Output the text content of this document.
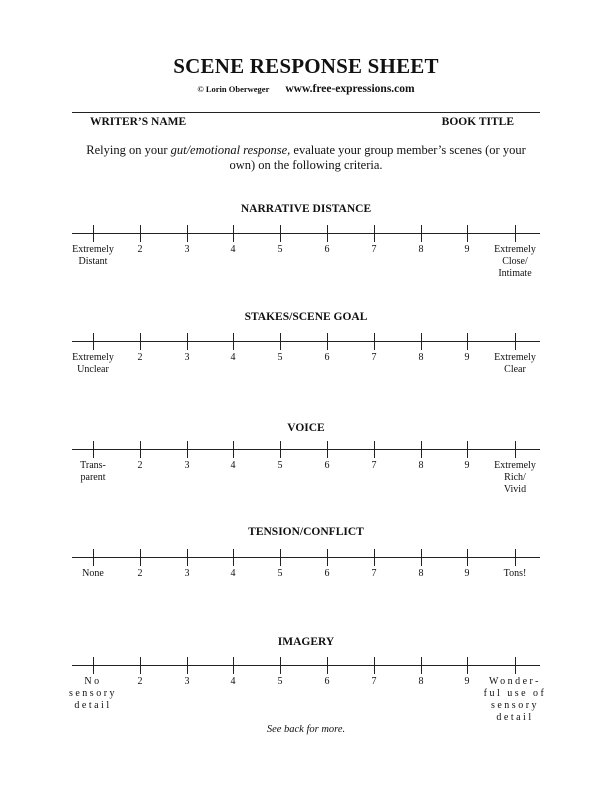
SCENE RESPONSE SHEET
© Lorin Oberweger www.free-expressions.com
WRITER’S NAME	BOOK TITLE
Relying on your gut/emotional response, evaluate your group member’s scenes (or your own) on the following criteria.
NARRATIVE DISTANCE
Extremely
Distant
2	3	4	5	6	7	8	9	Extremely
Close/
Intimate
STAKES/SCENE GOAL
Extremely
Unclear
2	3	4	5	6	7	8	9	Extremely
Clear
VOICE
Trans-
parent
2	3	4	5	6	7	8	9	Extremely
Rich/
Vivid
TENSION/CONFLICT
None	2	3	4	5	6	7	8	9	Tons!
IMAGERY
No
sensory
detail
2	3	4	5	6	7	8	9	Wonder-
ful use of
sensory
detail
See back for more.
